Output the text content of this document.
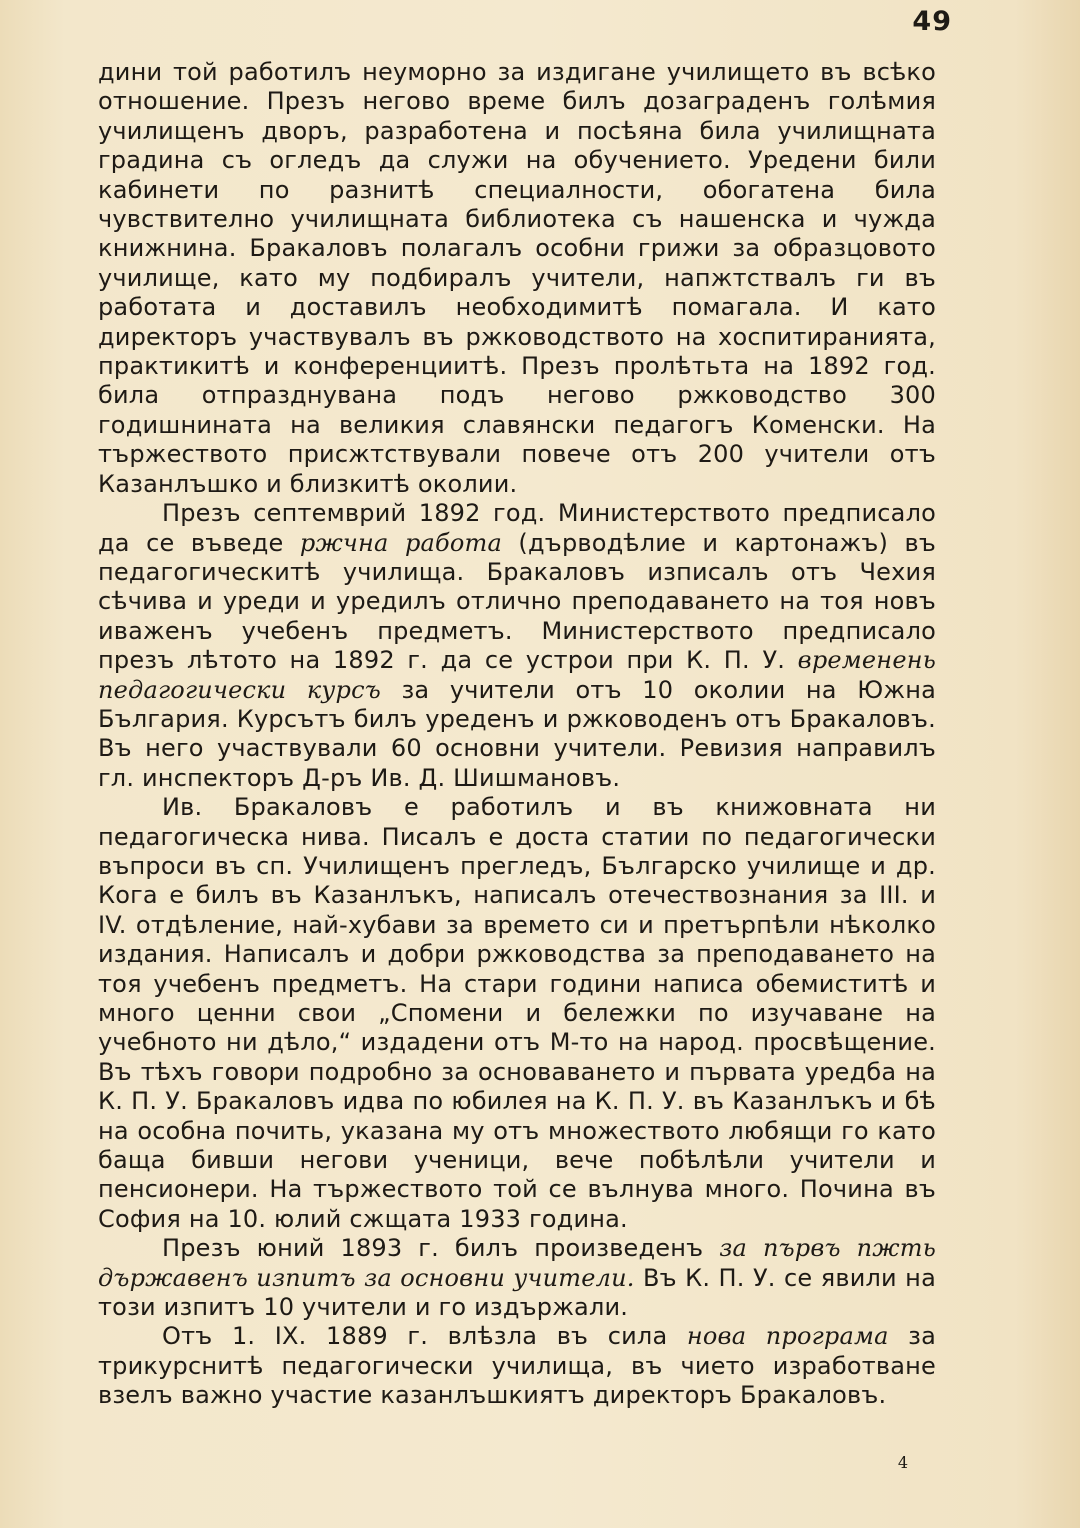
49

дини той работилъ неуморно за издигане училището въ всѣко отношение. Презъ негово време билъ дозаграденъ голѣмия училищенъ дворъ, разработена и посѣяна била училищната градина съ огледъ да служи на обучението. Уредени били кабинети по разнитѣ специалности, обогатена била чувствително училищната библиотека съ нашенска и чужда книжнина. Бракаловъ полагалъ особни грижи за образцовото училище, като му подбиралъ учители, напжтствалъ ги въ работата и доставилъ необходимитѣ помагала. И като директоръ участвувалъ въ ржководството на хоспитиранията, практикитѣ и конференциитѣ. Презъ пролѣтьта на 1892 год. била отпразднувана подъ негово ржководство 300 годишнината на великия славянски педагогъ Коменски. На тържеството присжтствували повече отъ 200 учители отъ Казанлъшко и близкитѣ околии.

Презъ септемврий 1892 год. Министерството предписало да се въведе ржчна работа (дърводѣлие и картонажъ) въ педагогическитѣ училища. Бракаловъ изписалъ отъ Чехия сѣчива и уреди и уредилъ отлично преподаването на тоя новъ иваженъ учебенъ предметъ. Министерството предписало презъ лѣтото на 1892 г. да се устрои при К. П. У. временень педагогически курсъ за учители отъ 10 околии на Южна България. Курсътъ билъ уреденъ и ржководенъ отъ Бракаловъ. Въ него участвували 60 основни учители. Ревизия направилъ гл. инспекторъ Д-ръ Ив. Д. Шишмановъ.

Ив. Бракаловъ е работилъ и въ книжовната ни педагогическа нива. Писалъ е доста статии по педагогически въпроси въ сп. Училищенъ прегледъ, Българско училище и др. Кога е билъ въ Казанлъкъ, написалъ отечествознания за III. и IV. отдѣление, най-хубави за времето си и претърпѣли нѣколко издания. Написалъ и добри ржководства за преподаването на тоя учебенъ предметъ. На стари години написа обемиститѣ и много ценни свои „Спомени и бележки по изучаване на учебното ни дѣло,“ издадени отъ М-то на народ. просвѣщение. Въ тѣхъ говори подробно за основаването и първата уредба на К. П. У. Бракаловъ идва по юбилея на К. П. У. въ Казанлъкъ и бѣ на особна почить, указана му отъ множеството любящи го като баща бивши негови ученици, вече побѣлѣли учители и пенсионери. На тържеството той се вълнува много. Почина въ София на 10. юлий сжщата 1933 година.

Презъ юний 1893 г. билъ произведенъ за първъ пжть държавенъ изпитъ за основни учители. Въ К. П. У. се явили на този изпитъ 10 учители и го издържали.

Отъ 1. IX. 1889 г. влѣзла въ сила нова програма за трикурснитѣ педагогически училища, въ чието изработване взелъ важно участие казанлъшкиятъ директоръ Бракаловъ.

4
